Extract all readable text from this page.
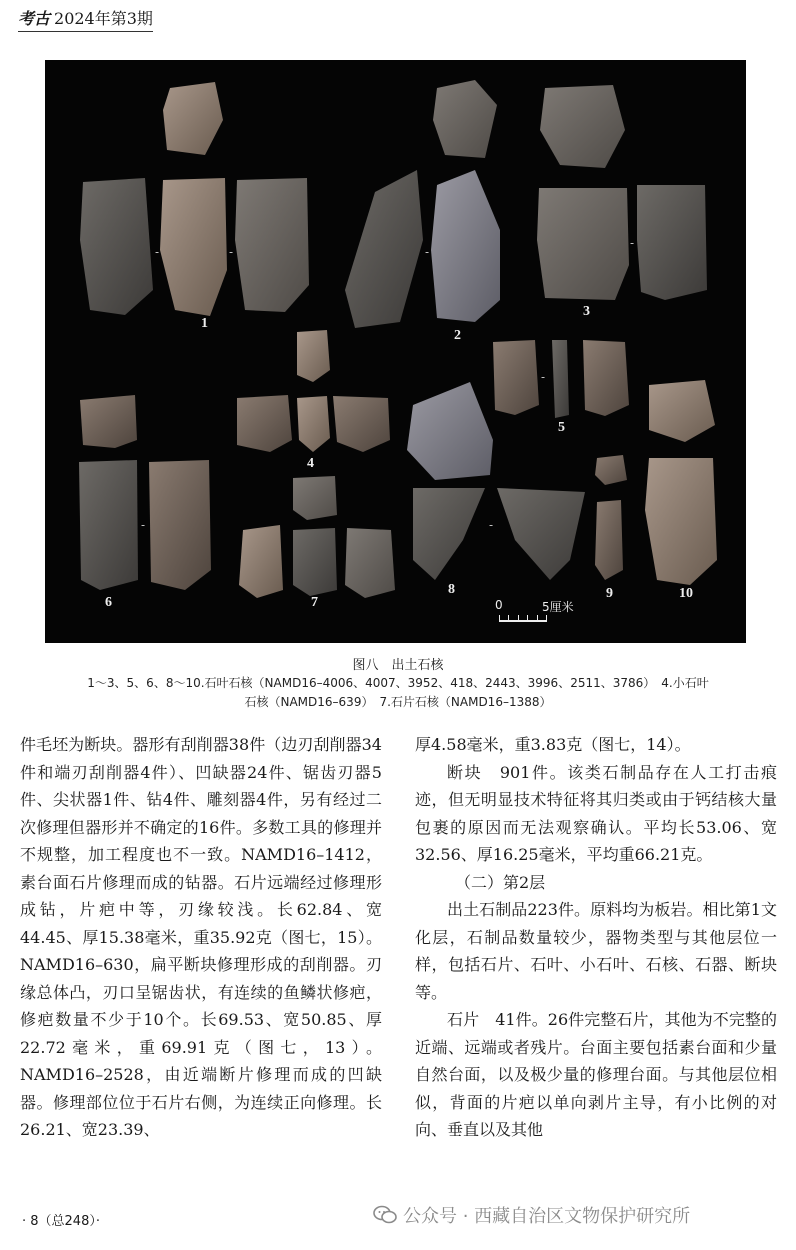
考古 2024年第3期
1
2
3
4
5
6	7
8	9	10
-	-	-
-
-
-
-
0	5厘米
图八　出土石核
1～3、5、6、8～10.石叶石核（NAMD16–4006、4007、3952、418、2443、3996、2511、3786）　4.小石叶
石核（NAMD16–639）　7.石片石核（NAMD16–1388）

件毛坯为断块。器形有刮削器38件（边刃刮削器34件和端刃刮削器4件）、凹缺器24件、锯齿刃器5件、尖状器1件、钻4件、雕刻器4件，另有经过二次修理但器形并不确定的16件。多数工具的修理并不规整，加工程度也不一致。NAMD16–1412，素台面石片修理而成的钻器。石片远端经过修理形成钻，片疤中等，刃缘较浅。长62.84、宽44.45、厚15.38毫米，重35.92克（图七，15）。NAMD16–630，扁平断块修理形成的刮削器。刃缘总体凸，刃口呈锯齿状，有连续的鱼鳞状修疤，修疤数量不少于10个。长69.53、宽50.85、厚22.72毫米，重69.91克（图七，13）。NAMD16–2528，由近端断片修理而成的凹缺器。修理部位位于石片右侧，为连续正向修理。长26.21、宽23.39、

厚4.58毫米，重3.83克（图七，14）。

断块　901件。该类石制品存在人工打击痕迹，但无明显技术特征将其归类或由于钙结核大量包裹的原因而无法观察确认。平均长53.06、宽32.56、厚16.25毫米，平均重66.21克。

（二）第2层

出土石制品223件。原料均为板岩。相比第1文化层，石制品数量较少，器物类型与其他层位一样，包括石片、石叶、小石叶、石核、石器、断块等。

石片　41件。26件完整石片，其他为不完整的近端、远端或者残片。台面主要包括素台面和少量自然台面，以及极少量的修理台面。与其他层位相似，背面的片疤以单向剥片主导，有小比例的对向、垂直以及其他

· 8（总248）·	公众号 · 西藏自治区文物保护研究所
